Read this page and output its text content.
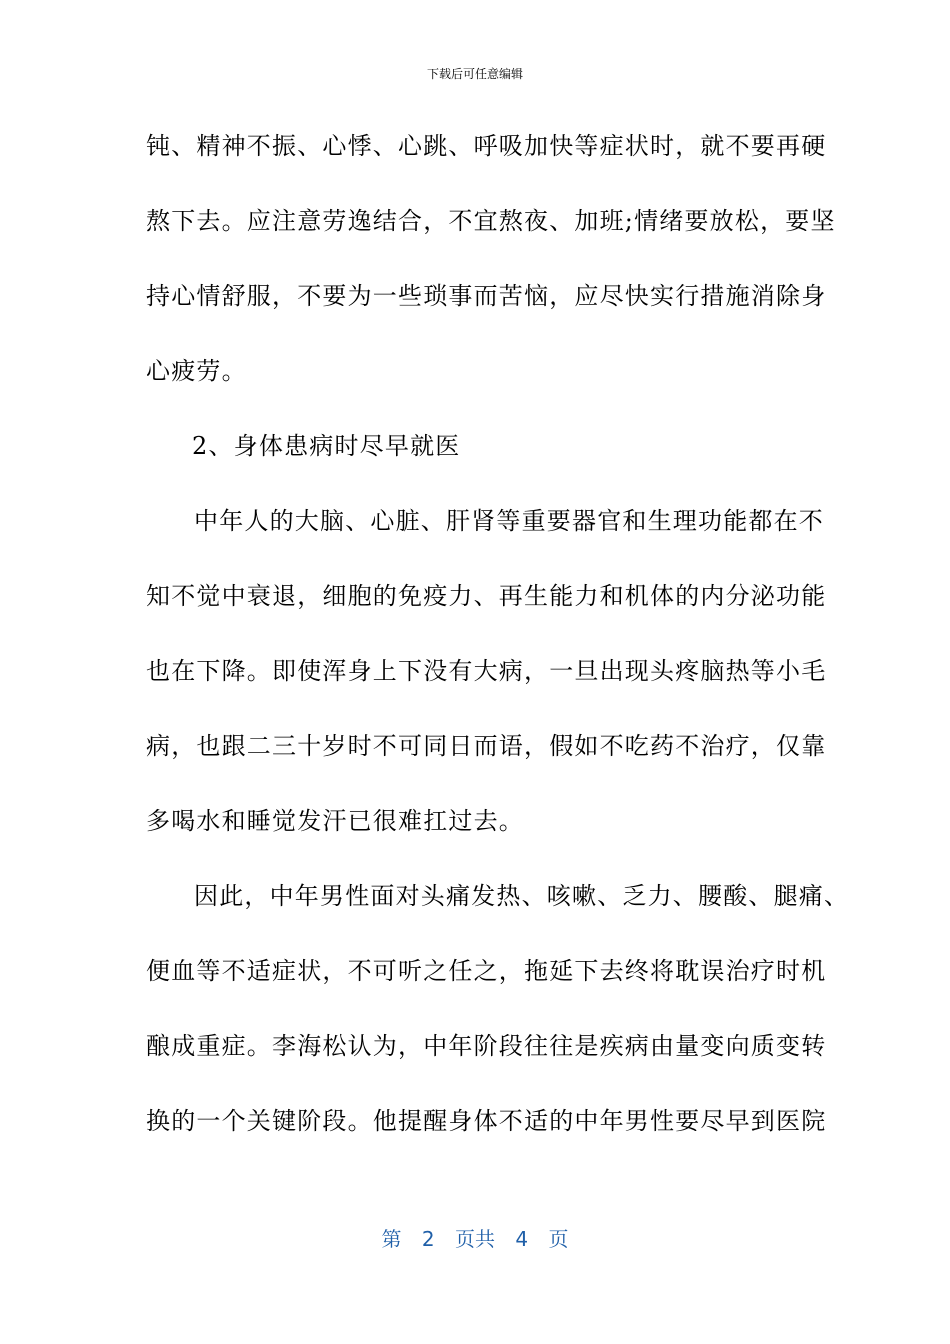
下载后可任意编辑
钝、精神不振、心悸、心跳、呼吸加快等症状时，就不要再硬
熬下去。应注意劳逸结合，不宜熬夜、加班;情绪要放松，要坚
持心情舒服，不要为一些琐事而苦恼，应尽快实行措施消除身
心疲劳。
2、身体患病时尽早就医
中年人的大脑、心脏、肝肾等重要器官和生理功能都在不
知不觉中衰退，细胞的免疫力、再生能力和机体的内分泌功能
也在下降。即使浑身上下没有大病，一旦出现头疼脑热等小毛
病，也跟二三十岁时不可同日而语，假如不吃药不治疗，仅靠
多喝水和睡觉发汗已很难扛过去。
因此，中年男性面对头痛发热、咳嗽、乏力、腰酸、腿痛、
便血等不适症状，不可听之任之，拖延下去终将耽误治疗时机
酿成重症。李海松认为，中年阶段往往是疾病由量变向质变转
换的一个关键阶段。他提醒身体不适的中年男性要尽早到医院
第 2 页共 4 页
